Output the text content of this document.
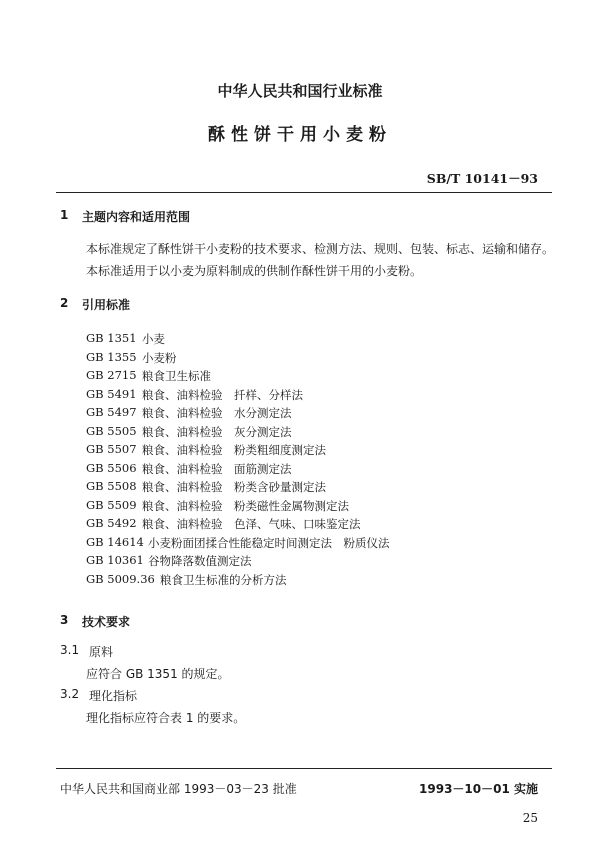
中华人民共和国行业标准
酥性饼干用小麦粉
SB/T 10141－93
1 主题内容和适用范围
本标准规定了酥性饼干小麦粉的技术要求、检测方法、规则、包装、标志、运输和储存。
本标准适用于以小麦为原料制成的供制作酥性饼干用的小麦粉。
2 引用标准
GB 1351 小麦
GB 1355 小麦粉
GB 2715 粮食卫生标准
GB 5491 粮食、油料检验　扦样、分样法
GB 5497 粮食、油料检验　水分测定法
GB 5505 粮食、油料检验　灰分测定法
GB 5507 粮食、油料检验　粉类粗细度测定法
GB 5506 粮食、油料检验　面筋测定法
GB 5508 粮食、油料检验　粉类含砂量测定法
GB 5509 粮食、油料检验　粉类磁性金属物测定法
GB 5492 粮食、油料检验　色泽、气味、口味鉴定法
GB 14614 小麦粉面团揉合性能稳定时间测定法　粉质仪法
GB 10361 谷物降落数值测定法
GB 5009.36 粮食卫生标准的分析方法
3 技术要求
3.1 原料
应符合 GB 1351 的规定。
3.2 理化指标
理化指标应符合表 1 的要求。
中华人民共和国商业部 1993－03－23 批准	1993－10－01 实施
25
